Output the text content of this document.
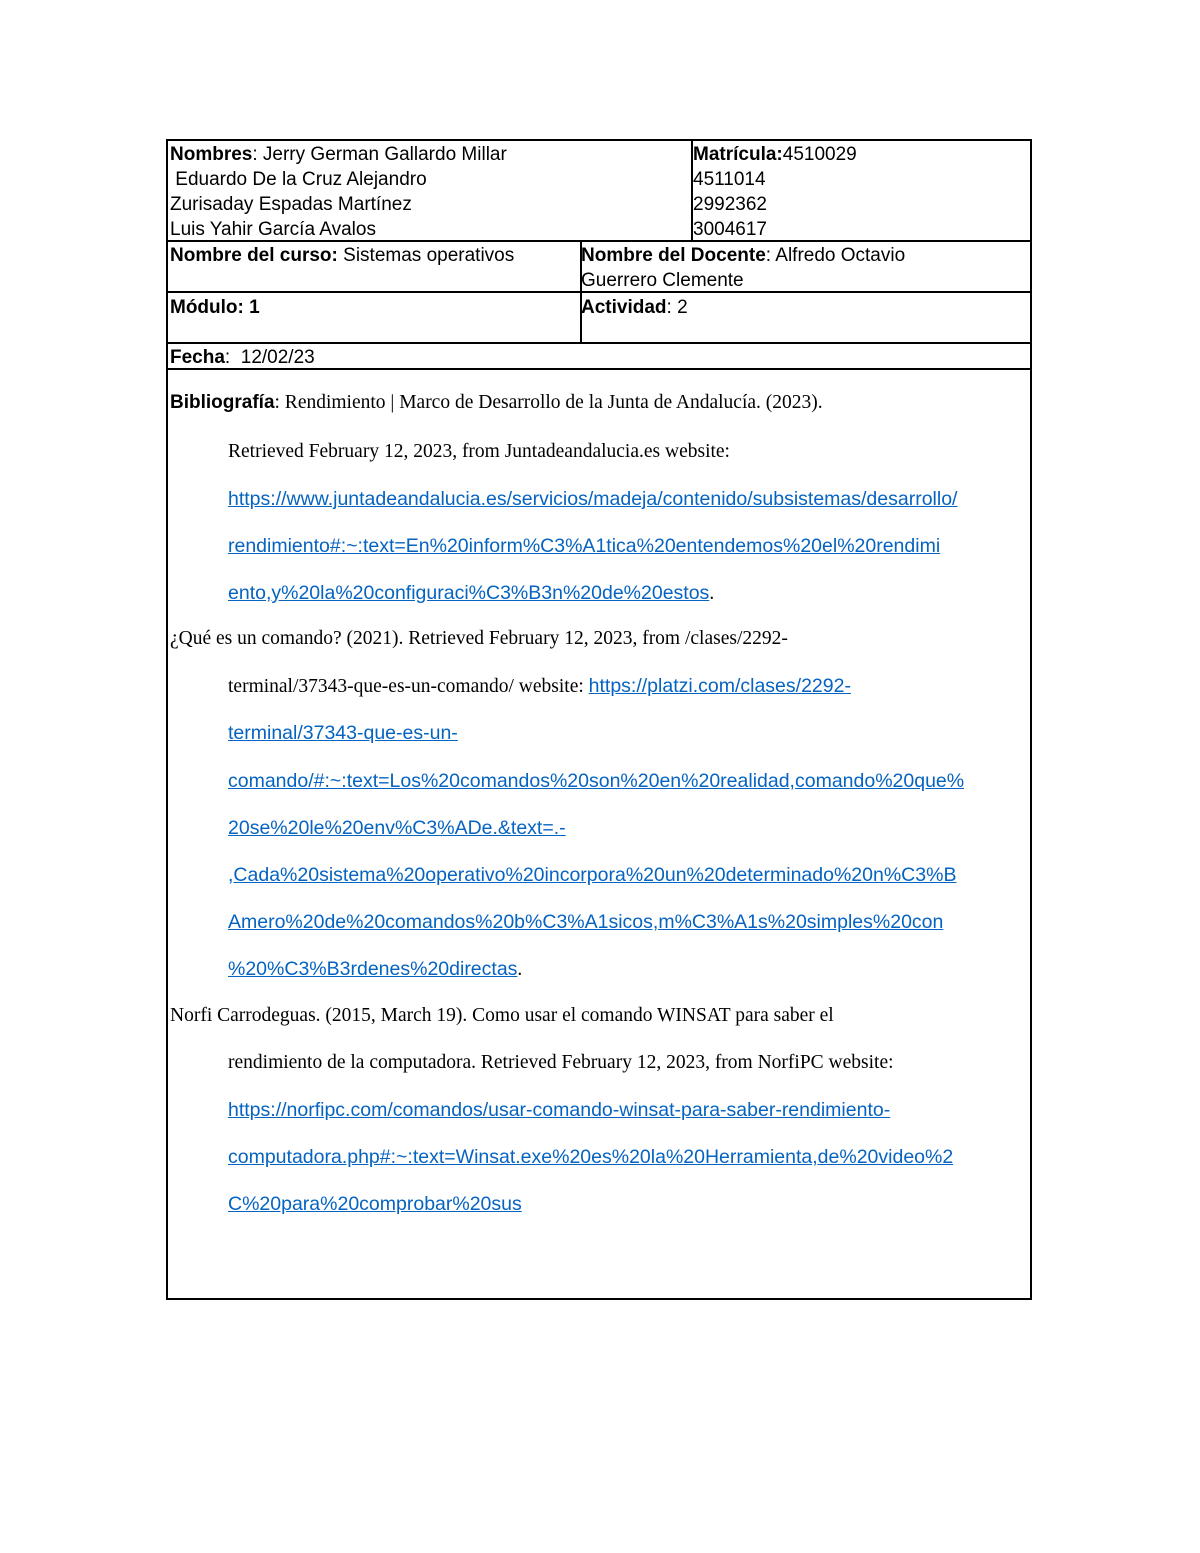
Nombres: Jerry German Gallardo Millar
Eduardo De la Cruz Alejandro
Zurisaday Espadas Martínez
Luis Yahir García Avalos
Matrícula:4510029
4511014
2992362
3004617
Nombre del curso: Sistemas operativos	Nombre del Docente: Alfredo Octavio
Guerrero Clemente
Módulo: 1	Actividad: 2
Fecha:  12/02/23
Bibliografía: Rendimiento | Marco de Desarrollo de la Junta de Andalucía. (2023).
Retrieved February 12, 2023, from Juntadeandalucia.es website:
https://www.juntadeandalucia.es/servicios/madeja/contenido/subsistemas/desarrollo/
rendimiento#:~:text=En%20inform%C3%A1tica%20entendemos%20el%20rendimi
ento,y%20la%20configuraci%C3%B3n%20de%20estos.
¿Qué es un comando? (2021). Retrieved February 12, 2023, from /clases/2292-
terminal/37343-que-es-un-comando/ website: https://platzi.com/clases/2292-
terminal/37343-que-es-un-
comando/#:~:text=Los%20comandos%20son%20en%20realidad,comando%20que%
20se%20le%20env%C3%ADe.&text=.-
,Cada%20sistema%20operativo%20incorpora%20un%20determinado%20n%C3%B
Amero%20de%20comandos%20b%C3%A1sicos,m%C3%A1s%20simples%20con
%20%C3%B3rdenes%20directas.
Norfi Carrodeguas. (2015, March 19). Como usar el comando WINSAT para saber el
rendimiento de la computadora. Retrieved February 12, 2023, from NorfiPC website:
https://norfipc.com/comandos/usar-comando-winsat-para-saber-rendimiento-
computadora.php#:~:text=Winsat.exe%20es%20la%20Herramienta,de%20video%2
C%20para%20comprobar%20sus
